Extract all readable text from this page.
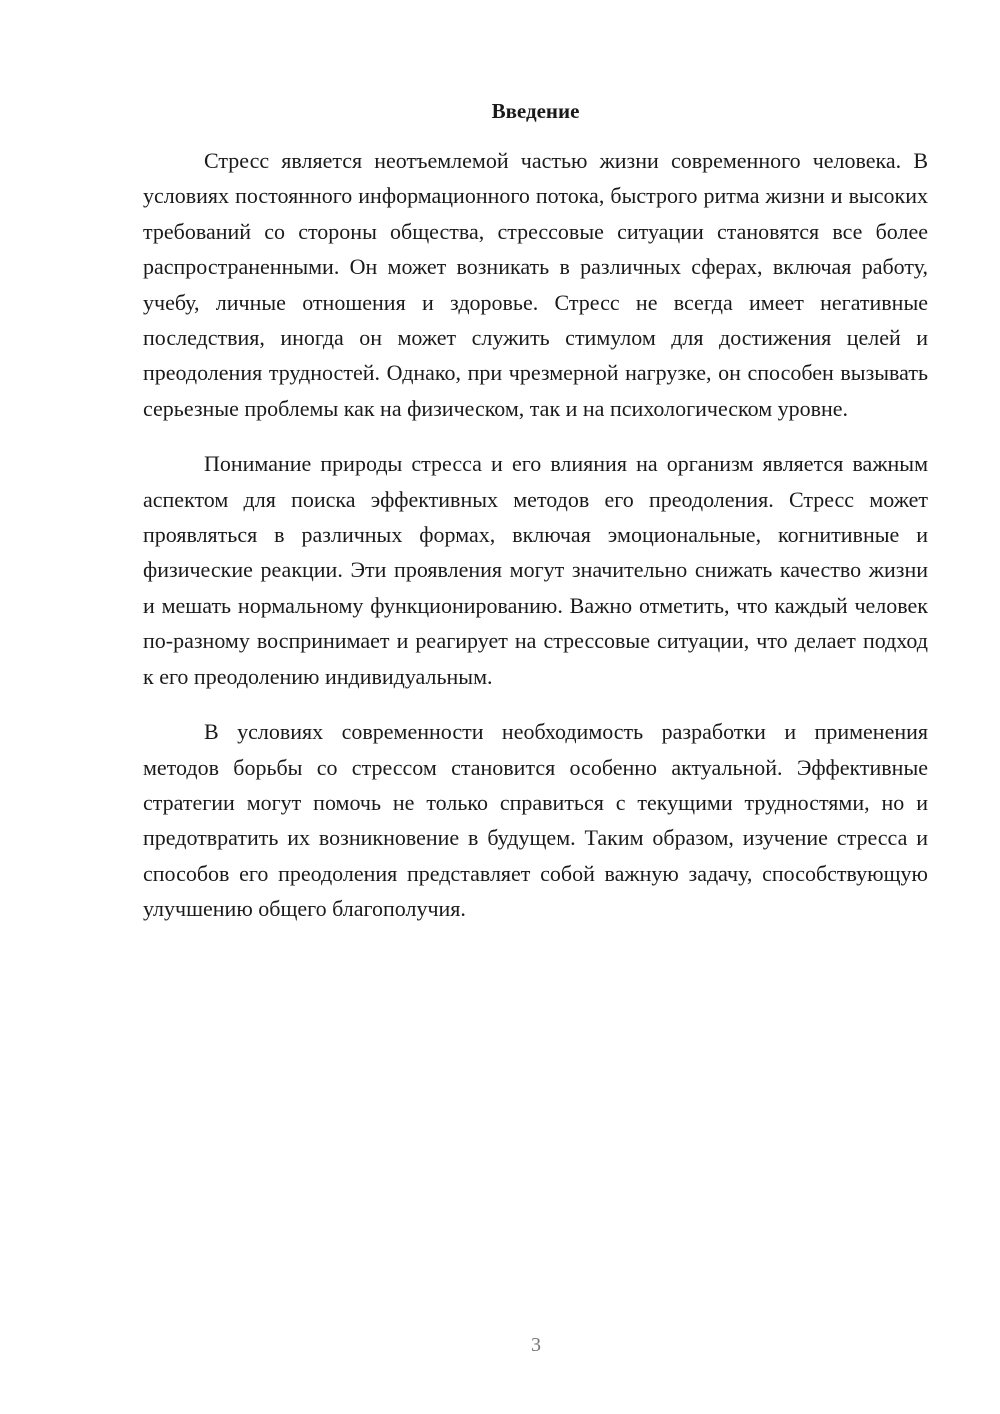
Введение

Стресс является неотъемлемой частью жизни современного человека. В условиях постоянного информационного потока, быстрого ритма жизни и высоких требований со стороны общества, стрессовые ситуации становятся все более распространенными. Он может возникать в различных сферах, включая работу, учебу, личные отношения и здоровье. Стресс не всегда имеет негативные последствия, иногда он может служить стимулом для достижения целей и преодоления трудностей. Однако, при чрезмерной нагрузке, он способен вызывать серьезные проблемы как на физическом, так и на психологическом уровне.

Понимание природы стресса и его влияния на организм является важным аспектом для поиска эффективных методов его преодоления. Стресс может проявляться в различных формах, включая эмоциональные, когнитивные и физические реакции. Эти проявления могут значительно снижать качество жизни и мешать нормальному функционированию. Важно отметить, что каждый человек по-разному воспринимает и реагирует на стрессовые ситуации, что делает подход к его преодолению индивидуальным.

В условиях современности необходимость разработки и применения методов борьбы со стрессом становится особенно актуальной. Эффективные стратегии могут помочь не только справиться с текущими трудностями, но и предотвратить их возникновение в будущем. Таким образом, изучение стресса и способов его преодоления представляет собой важную задачу, способствующую улучшению общего благополучия.

3
